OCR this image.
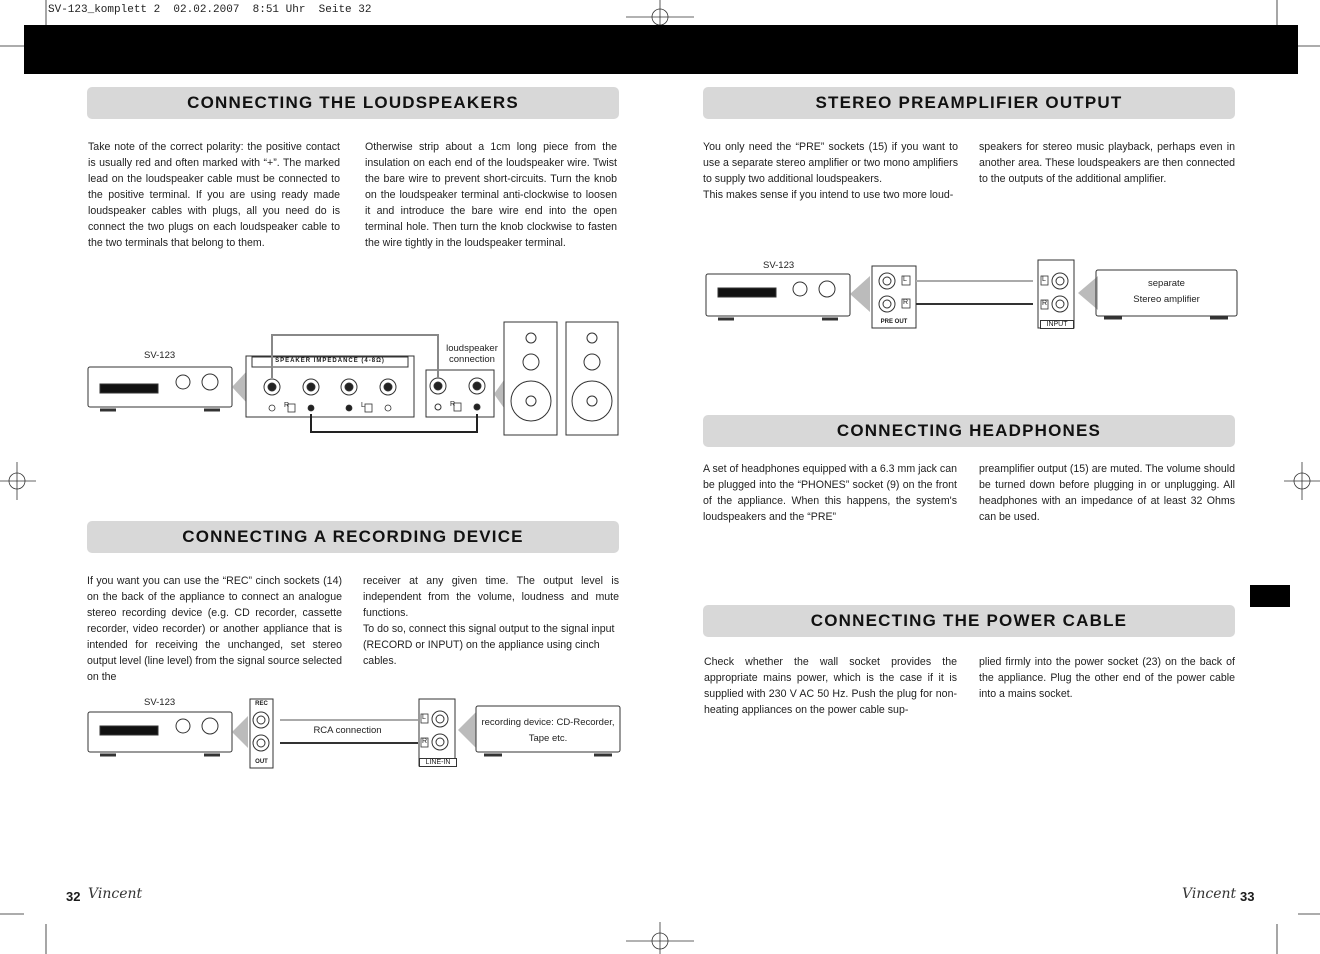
SV-123_komplett 2  02.02.2007  8:51 Uhr  Seite 32
CONNECTING THE LOUDSPEAKERS
Take note of the correct polarity: the positive contact is usually red and often marked with “+”. The marked lead on the loudspeaker cable must be connected to the positive terminal. If you are using ready made loudspeaker cables with plugs, all you need do is connect the two plugs on each loudspeaker cable to the two terminals that belong to them.
Otherwise strip about a 1cm long piece from the insulation on each end of the loudspeaker wire. Twist the bare wire to prevent short-circuits. Turn the knob on the loudspeaker terminal anti-clockwise to loosen it and introduce the bare wire end into the open terminal hole. Then turn the knob clockwise to fasten the wire tightly in the loudspeaker terminal.
SV-123	SPEAKER IMPEDANCE (4-8Ω)
R	L	R
loudspeaker
connection
CONNECTING A RECORDING DEVICE
If you want you can use the “REC” cinch sockets (14) on the back of the appliance to connect an analogue stereo recording device (e.g. CD recorder, cassette recorder, video recorder) or another appliance that is intended for receiving the unchanged, set stereo output level (line level) from the signal source selected on the

receiver at any given time. The output level is independent from the volume, loudness and mute functions.

To do so, connect this signal output to the signal input (RECORD or INPUT) on the appliance using cinch cables.

SV-123	REC
OUT
RCA connection
L
R
LINE-IN
recording device: CD-Recorder,
Tape etc.
32 Vincent
STEREO PREAMPLIFIER OUTPUT

You only need the “PRE” sockets (15) if you want to use a separate stereo amplifier or two mono amplifiers to supply two additional loudspeakers.

This makes sense if you intend to use two more loud-

speakers for stereo music playback, perhaps even in another area. These loudspeakers are then connected to the outputs of the additional amplifier.
SV-123
L
R
PRE OUT
L
R
INPUT
separate
Stereo amplifier
CONNECTING HEADPHONES
A set of headphones equipped with a 6.3 mm jack can be plugged into the “PHONES” socket (9) on the front of the appliance. When this happens, the system's loudspeakers and the “PRE”
preamplifier output (15) are muted. The volume should be turned down before plugging in or unplugging. All headphones with an impedance of at least 32 Ohms can be used.
CONNECTING THE POWER CABLE
Check whether the wall socket provides the appropriate mains power, which is the case if it is supplied with 230 V AC 50 Hz. Push the plug for non-heating appliances on the power cable sup-
plied firmly into the power socket (23) on the back of the appliance. Plug the other end of the power cable into a mains socket.
Vincent 33
